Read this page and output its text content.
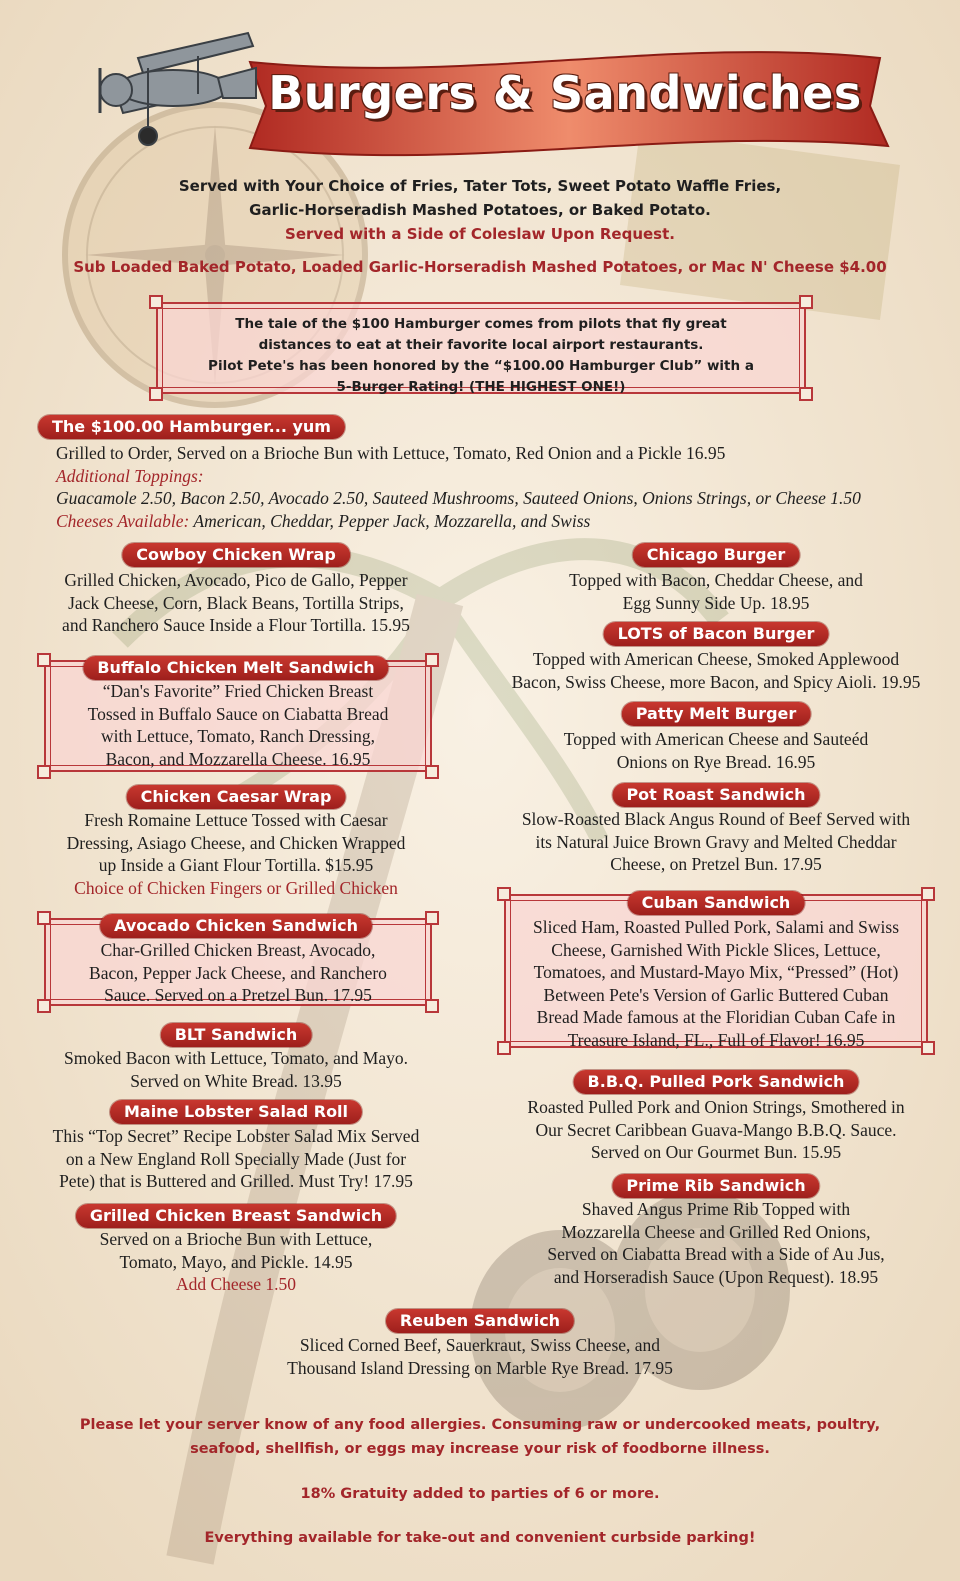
Burgers & Sandwiches
Served with Your Choice of Fries, Tater Tots, Sweet Potato Waffle Fries,
Garlic-Horseradish Mashed Potatoes, or Baked Potato.
Served with a Side of Coleslaw Upon Request.
Sub Loaded Baked Potato, Loaded Garlic-Horseradish Mashed Potatoes, or Mac N' Cheese $4.00
The tale of the $100 Hamburger comes from pilots that fly great
distances to eat at their favorite local airport restaurants.
Pilot Pete's has been honored by the “$100.00 Hamburger Club” with a
5-Burger Rating! (THE HIGHEST ONE!)
The $100.00 Hamburger... yum
Grilled to Order, Served on a Brioche Bun with Lettuce, Tomato, Red Onion and a Pickle 16.95
Additional Toppings:
Guacamole 2.50, Bacon 2.50, Avocado 2.50, Sauteed Mushrooms, Sauteed Onions, Onions Strings, or Cheese 1.50
Cheeses Available: American, Cheddar, Pepper Jack, Mozzarella, and Swiss
Cowboy Chicken Wrap
Grilled Chicken, Avocado, Pico de Gallo, Pepper
Jack Cheese, Corn, Black Beans, Tortilla Strips,
and Ranchero Sauce Inside a Flour Tortilla. 15.95
Buffalo Chicken Melt Sandwich
“Dan's Favorite” Fried Chicken Breast
Tossed in Buffalo Sauce on Ciabatta Bread
with Lettuce, Tomato, Ranch Dressing,
Bacon, and Mozzarella Cheese. 16.95
Chicken Caesar Wrap
Fresh Romaine Lettuce Tossed with Caesar
Dressing, Asiago Cheese, and Chicken Wrapped
up Inside a Giant Flour Tortilla. $15.95
Choice of Chicken Fingers or Grilled Chicken
Avocado Chicken Sandwich
Char-Grilled Chicken Breast, Avocado,
Bacon, Pepper Jack Cheese, and Ranchero
Sauce. Served on a Pretzel Bun. 17.95
BLT Sandwich
Smoked Bacon with Lettuce, Tomato, and Mayo.
Served on White Bread. 13.95
Maine Lobster Salad Roll
This “Top Secret” Recipe Lobster Salad Mix Served
on a New England Roll Specially Made (Just for
Pete) that is Buttered and Grilled. Must Try! 17.95
Grilled Chicken Breast Sandwich
Served on a Brioche Bun with Lettuce,
Tomato, Mayo, and Pickle. 14.95
Add Cheese 1.50
Chicago Burger
Topped with Bacon, Cheddar Cheese, and
Egg Sunny Side Up. 18.95
LOTS of Bacon Burger
Topped with American Cheese, Smoked Applewood
Bacon, Swiss Cheese, more Bacon, and Spicy Aioli. 19.95
Patty Melt Burger
Topped with American Cheese and Sauteéd
Onions on Rye Bread. 16.95
Pot Roast Sandwich
Slow-Roasted Black Angus Round of Beef Served with
its Natural Juice Brown Gravy and Melted Cheddar
Cheese, on Pretzel Bun. 17.95
Cuban Sandwich
Sliced Ham, Roasted Pulled Pork, Salami and Swiss
Cheese, Garnished With Pickle Slices, Lettuce,
Tomatoes, and Mustard-Mayo Mix, “Pressed” (Hot)
Between Pete's Version of Garlic Buttered Cuban
Bread Made famous at the Floridian Cuban Cafe in
Treasure Island, FL., Full of Flavor! 16.95
B.B.Q. Pulled Pork Sandwich
Roasted Pulled Pork and Onion Strings, Smothered in
Our Secret Caribbean Guava-Mango B.B.Q. Sauce.
Served on Our Gourmet Bun. 15.95
Prime Rib Sandwich
Shaved Angus Prime Rib Topped with
Mozzarella Cheese and Grilled Red Onions,
Served on Ciabatta Bread with a Side of Au Jus,
and Horseradish Sauce (Upon Request). 18.95
Reuben Sandwich
Sliced Corned Beef, Sauerkraut, Swiss Cheese, and
Thousand Island Dressing on Marble Rye Bread. 17.95
Please let your server know of any food allergies. Consuming raw or undercooked meats, poultry,
seafood, shellfish, or eggs may increase your risk of foodborne illness.
18% Gratuity added to parties of 6 or more.
Everything available for take-out and convenient curbside parking!
